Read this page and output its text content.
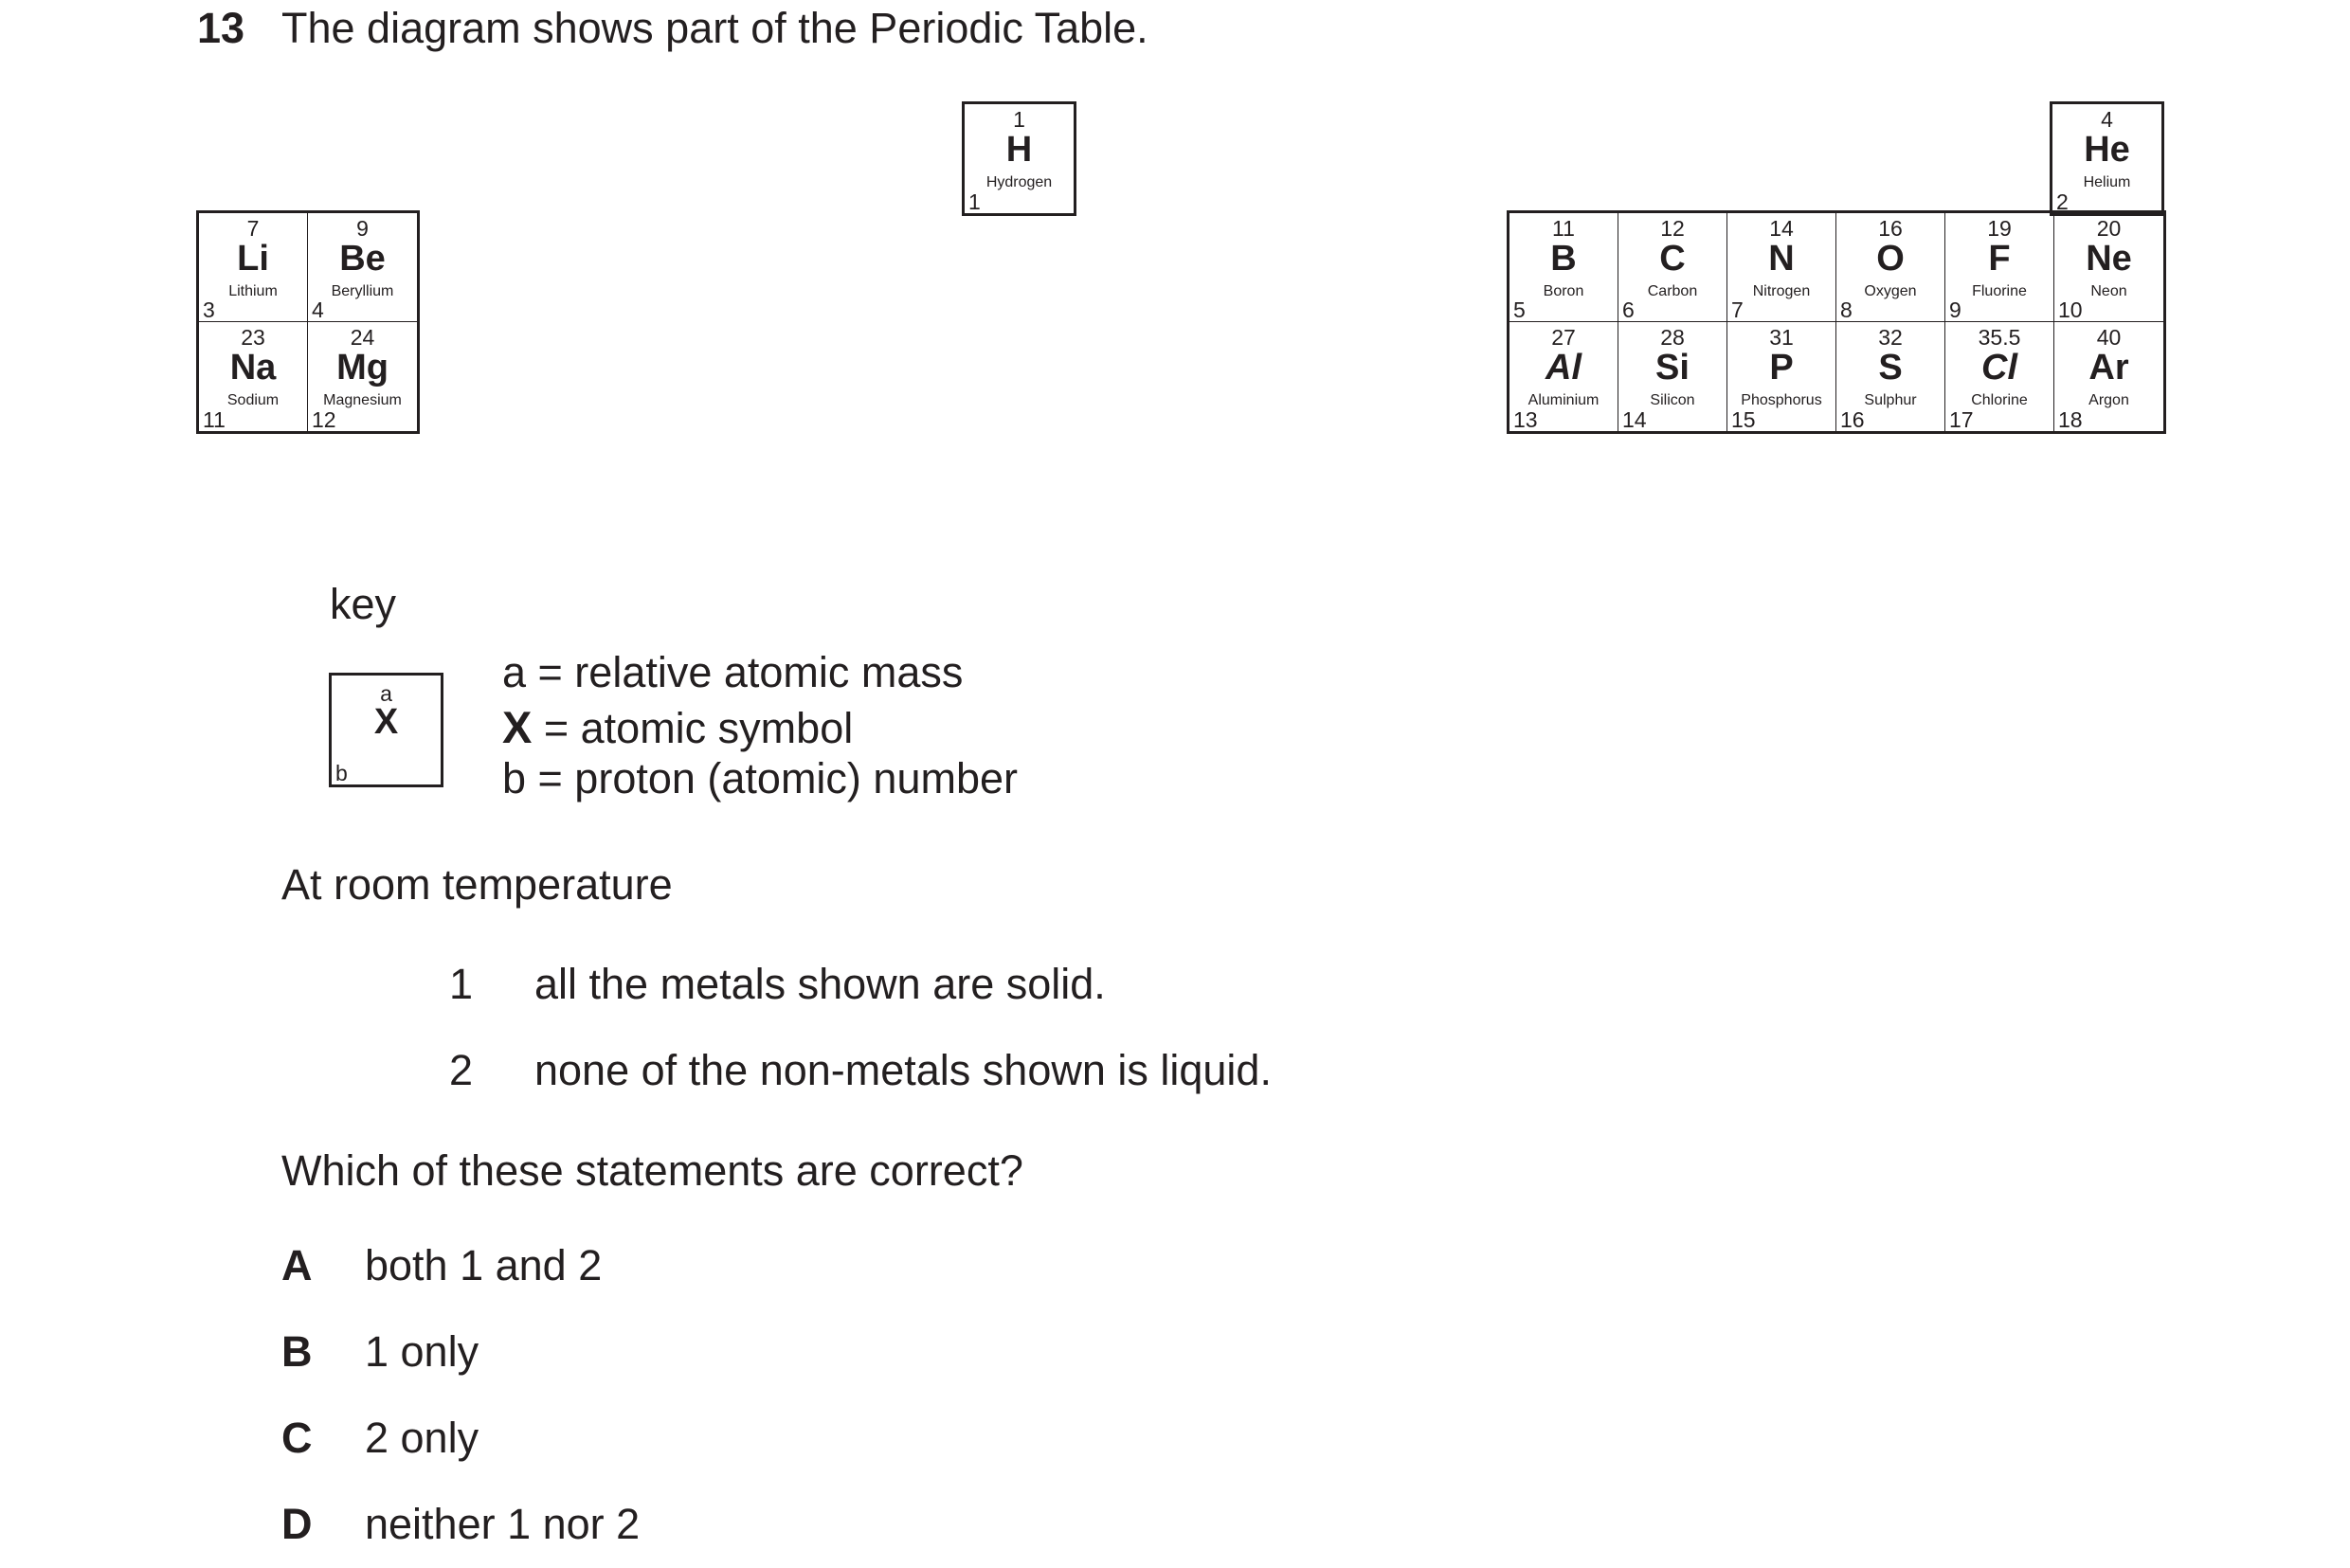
13 The diagram shows part of the Periodic Table.
1
H
Hydrogen
1
4
He
Helium
2
7
Li
Lithium
3
9
Be
Beryllium
4
23
Na
Sodium
11
24
Mg
Magnesium
12
11
B
Boron
5
12
C
Carbon
6
14
N
Nitrogen
7
16
O
Oxygen
8
19
F
Fluorine
9
20
Ne
Neon
10
27
Al
Aluminium
13
28
Si
Silicon
14
31
P
Phosphorus
15
32
S
Sulphur
16
35.5
Cl
Chlorine
17
40
Ar
Argon
18
key
a
X
b
a = relative atomic mass
X = atomic symbol
b = proton (atomic) number
At room temperature
1 all the metals shown are solid.
2 none of the non-metals shown is liquid.
Which of these statements are correct?
A both 1 and 2
B 1 only
C 2 only
D neither 1 nor 2
